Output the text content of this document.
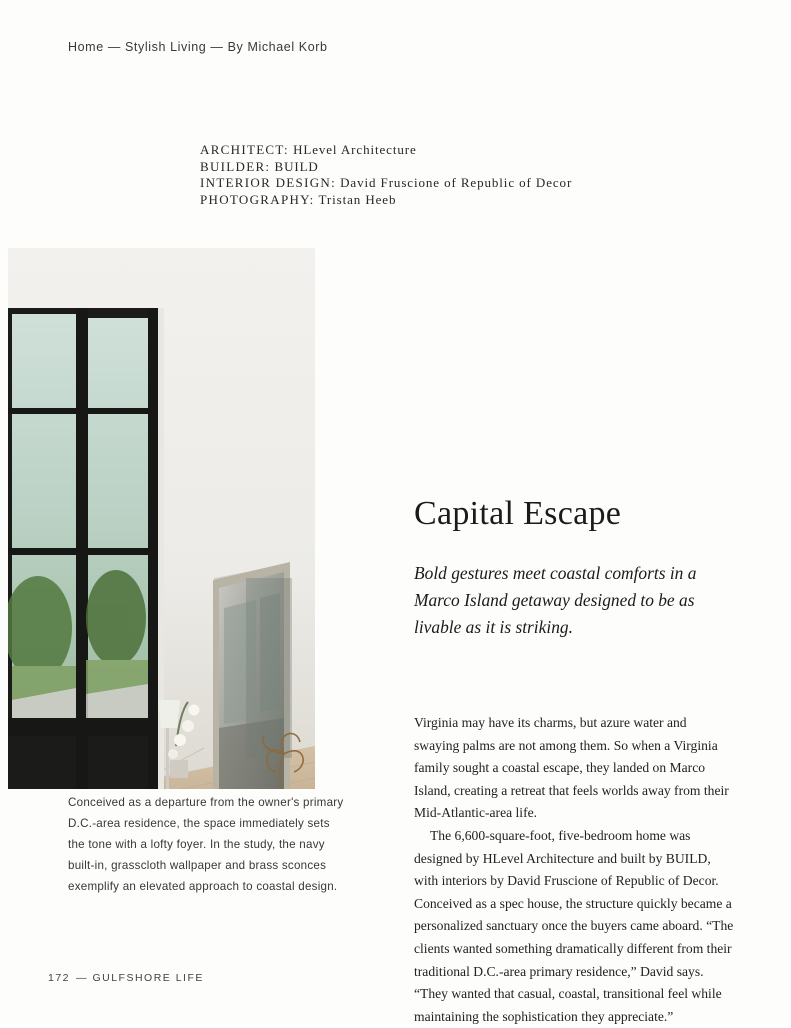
Home — Stylish Living — By Michael Korb
ARCHITECT: HLevel Architecture
BUILDER: BUILD
INTERIOR DESIGN: David Fruscione of Republic of Decor
PHOTOGRAPHY: Tristan Heeb
Conceived as a departure from the owner's primary D.C.-area residence, the space immediately sets the tone with a lofty foyer. In the study, the navy built-in, grasscloth wallpaper and brass sconces exemplify an elevated approach to coastal design.
Capital Escape
Bold gestures meet coastal comforts in a Marco Island getaway designed to be as livable as it is striking.

Virginia may have its charms, but azure water and swaying palms are not among them. So when a Virginia family sought a coastal escape, they landed on Marco Island, creating a retreat that feels worlds away from their Mid-Atlantic-area life.

The 6,600-square-foot, five-bedroom home was designed by HLevel Architecture and built by BUILD, with interiors by David Fruscione of Republic of Decor. Conceived as a spec house, the structure quickly became a personalized sanctuary once the buyers came aboard. “The clients wanted something dramatically different from their traditional D.C.-area primary residence,” David says. “They wanted that casual, coastal, transitional feel while maintaining the sophistication they appreciate.”

172 — GULFSHORE LIFE
